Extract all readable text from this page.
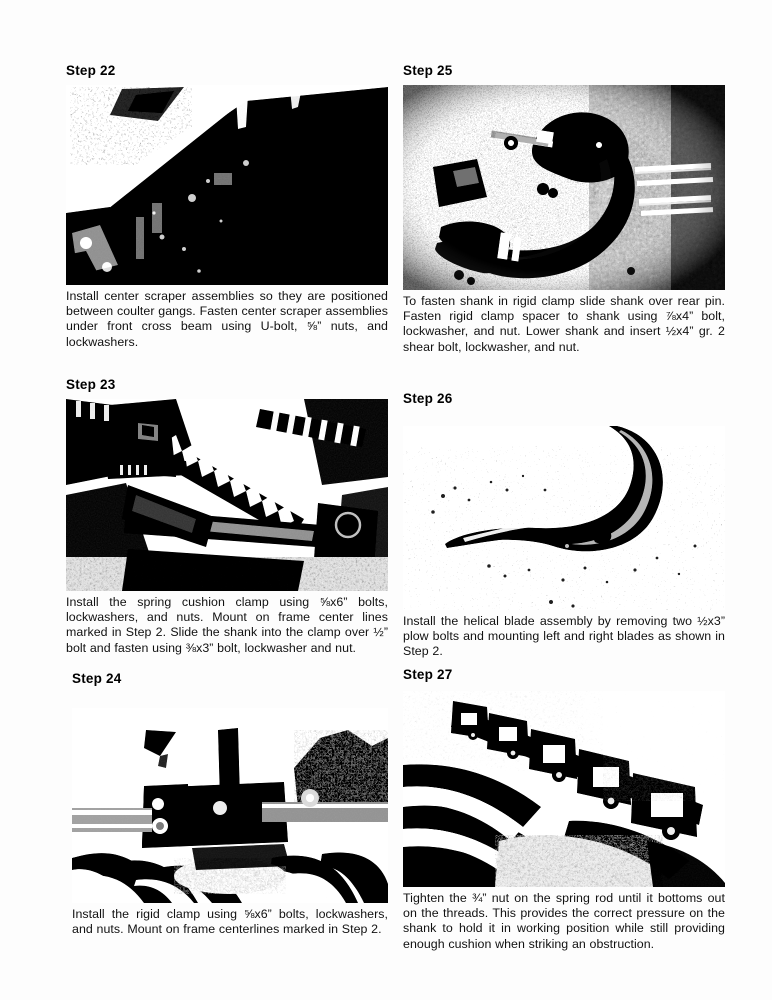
Step 22

Install center scraper assemblies so they are positioned between coulter gangs. Fasten center scraper assemblies under front cross beam using U-bolt, ⅝” nuts, and lockwashers.

Step 23

Install the spring cushion clamp using ⅝x6” bolts, lockwashers, and nuts. Mount on frame center lines marked in Step 2. Slide the shank into the clamp over ½” bolt and fasten using ⅜x3” bolt, lockwasher and nut.

Step 24

Install the rigid clamp using ⅝x6” bolts, lockwashers, and nuts. Mount on frame centerlines marked in Step 2.

Step 25

To fasten shank in rigid clamp slide shank over rear pin. Fasten rigid clamp spacer to shank using ⅞x4” bolt, lockwasher, and nut. Lower shank and insert ½x4” gr. 2 shear bolt, lockwasher, and nut.

Step 26

Install the helical blade assembly by removing two ½x3” plow bolts and mounting left and right blades as shown in Step 2.

Step 27

Tighten the ¾” nut on the spring rod until it bottoms out on the threads. This provides the correct pressure on the shank to hold it in working position while still providing enough cushion when striking an obstruction.
